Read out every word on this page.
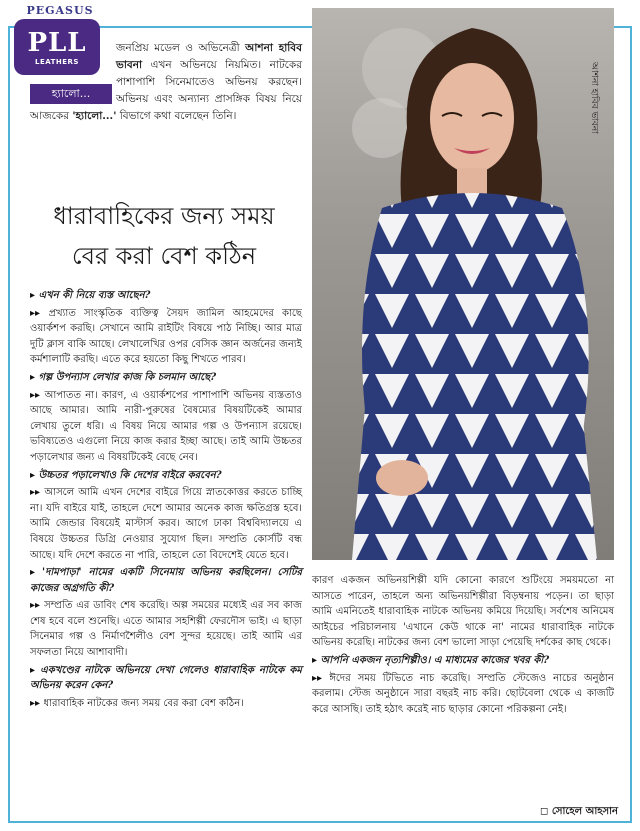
PEGASUS
PLL
LEATHERS	আশনা হাবিব ভাবনা
জনপ্রিয় মডেল ও অভিনেত্রী আশনা হাবিব ভাবনা এখন অভিনয়ে নিয়মিত। নাটকের পাশাপাশি সিনেমাতেও অভিনয় করছেন। অভিনয় এবং অন্যান্য প্রাসঙ্গিক বিষয় নিয়ে আজকের 'হ্যালো...' বিভাগে কথা বলেছেন তিনি।
হ্যালো...
ধারাবাহিকের জন্য সময়
বের করা বেশ কঠিন

▸ এখন কী নিয়ে ব্যস্ত আছেন?

▸▸ প্রখ্যাত সাংস্কৃতিক ব্যক্তিত্ব সৈয়দ জামিল আহমেদের কাছে ওয়ার্কশপ করছি। সেখানে আমি রাইটিং বিষয়ে পাঠ নিচ্ছি। আর মাত্র দুটি ক্লাস বাকি আছে। লেখালেখির ওপর বেসিক জ্ঞান অর্জনের জন্যই কর্মশালাটি করছি। এতে করে হয়তো কিছু শিখতে পারব।

▸ গল্প উপন্যাস লেখার কাজ কি চলমান আছে?

▸▸ আপাতত না। কারণ, এ ওয়ার্কশপের পাশাপাশি অভিনয় ব্যস্ততাও আছে আমার। আমি নারী-পুরুষের বৈষম্যের বিষয়টিকেই আমার লেখায় তুলে ধরি। এ বিষয় নিয়ে আমার গল্প ও উপন্যাস রয়েছে। ভবিষ্যতেও এগুলো নিয়ে কাজ করার ইচ্ছা আছে। তাই আমি উচ্চতর পড়ালেখার জন্য এ বিষয়টিকেই বেছে নেব।

▸ উচ্চতর পড়ালেখাও কি দেশের বাইরে করবেন?

▸▸ আসলে আমি এখন দেশের বাইরে গিয়ে স্নাতকোত্তর করতে চাচ্ছি না। যদি বাইরে যাই, তাহলে দেশে আমার অনেক কাজ ক্ষতিগ্রস্ত হবে। আমি জেন্ডার বিষয়েই মাস্টার্স করব। আগে ঢাকা বিশ্ববিদ্যালয়ে এ বিষয়ে উচ্চতর ডিগ্রি নেওয়ার সুযোগ ছিল। সম্প্রতি কোর্সটি বন্ধ আছে। যদি দেশে করতে না পারি, তাহলে তো বিদেশেই যেতে হবে।

▸ 'দামপাড়া' নামের একটি সিনেমায় অভিনয় করছিলেন। সেটির কাজের অগ্রগতি কী?

▸▸ সম্প্রতি এর ডাবিং শেষ করেছি। অল্প সময়ের মধ্যেই এর সব কাজ শেষ হবে বলে শুনেছি। এতে আমার সহশিল্পী ফেরদৌস ভাই। এ ছাড়া সিনেমার গল্প ও নির্মাণশৈলীও বেশ সুন্দর হয়েছে। তাই আমি এর সফলতা নিয়ে আশাবাদী।

▸ একখণ্ডের নাটকে অভিনয়ে দেখা গেলেও ধারাবাহিক নাটকে কম অভিনয় করেন কেন?

▸▸ ধারাবাহিক নাটকের জন্য সময় বের করা বেশ কঠিন।

কারণ একজন অভিনয়শিল্পী যদি কোনো কারণে শুটিংয়ে সময়মতো না আসতে পারেন, তাহলে অন্য অভিনয়শিল্পীরা বিড়ম্বনায় পড়েন। তা ছাড়া আমি এমনিতেই ধারাবাহিক নাটকে অভিনয় কমিয়ে দিয়েছি। সর্বশেষ অনিমেষ আইচের পরিচালনায় 'এখানে কেউ থাকে না' নামের ধারাবাহিক নাটকে অভিনয় করেছি। নাটকের জন্য বেশ ভালো সাড়া পেয়েছি দর্শকের কাছ থেকে।

▸ আপনি একজন নৃত্যশিল্পীও। এ মাধ্যমের কাজের খবর কী?

▸▸ ঈদের সময় টিভিতে নাচ করেছি। সম্প্রতি স্টেজেও নাচের অনুষ্ঠান করলাম। স্টেজ অনুষ্ঠানে সারা বছরই নাচ করি। ছোটবেলা থেকে এ কাজটি করে আসছি। তাই হঠাৎ করেই নাচ ছাড়ার কোনো পরিকল্পনা নেই।

◻ সোহেল আহসান
